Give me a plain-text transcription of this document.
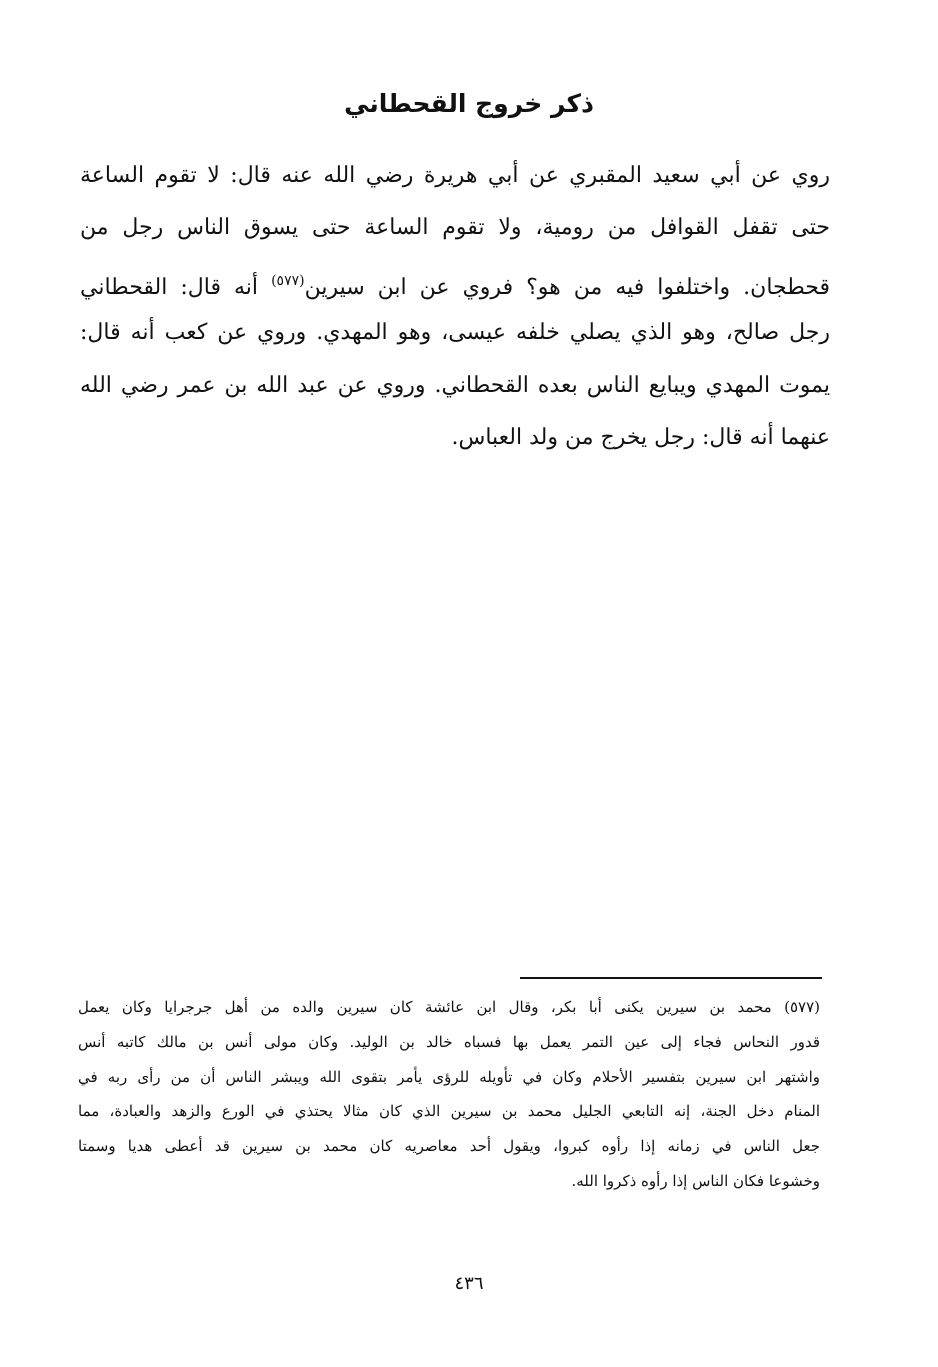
ذكر خروج القحطاني
روي عن أبي سعيد المقبري عن أبي هريرة رضي الله عنه قال: لا تقوم الساعة
حتى تقفل القوافل من رومية، ولا تقوم الساعة حتى يسوق الناس رجل من
قحطجان. واختلفوا فيه من هو؟ فروي عن ابن سيرين$^{(٥٧٧)}$ أنه قال: القحطاني
رجل صالح، وهو الذي يصلي خلفه عيسى، وهو المهدي. وروي عن كعب أنه قال:
يموت المهدي ويبايع الناس بعده القحطاني. وروي عن عبد الله بن عمر رضي الله
عنهما أنه قال: رجل يخرج من ولد العباس.
(٥٧٧) محمد بن سيرين يكنى أبا بكر، وقال ابن عائشة كان سيرين والده من أهل جرجرايا وكان يعمل
قدور النحاس فجاء إلى عين التمر يعمل بها فسباه خالد بن الوليد. وكان مولى أنس بن مالك كاتبه أنس
واشتهر ابن سيرين بتفسير الأحلام وكان في تأويله للرؤى يأمر بتقوى الله ويبشر الناس أن من رأى ربه في
المنام دخل الجنة، إنه التابعي الجليل محمد بن سيرين الذي كان مثالا يحتذي في الورع والزهد والعبادة، مما
جعل الناس في زمانه إذا رأوه كبروا، ويقول أحد معاصريه كان محمد بن سيرين قد أعطى هديا وسمتا
وخشوعا فكان الناس إذا رأوه ذكروا الله.
٤٣٦
